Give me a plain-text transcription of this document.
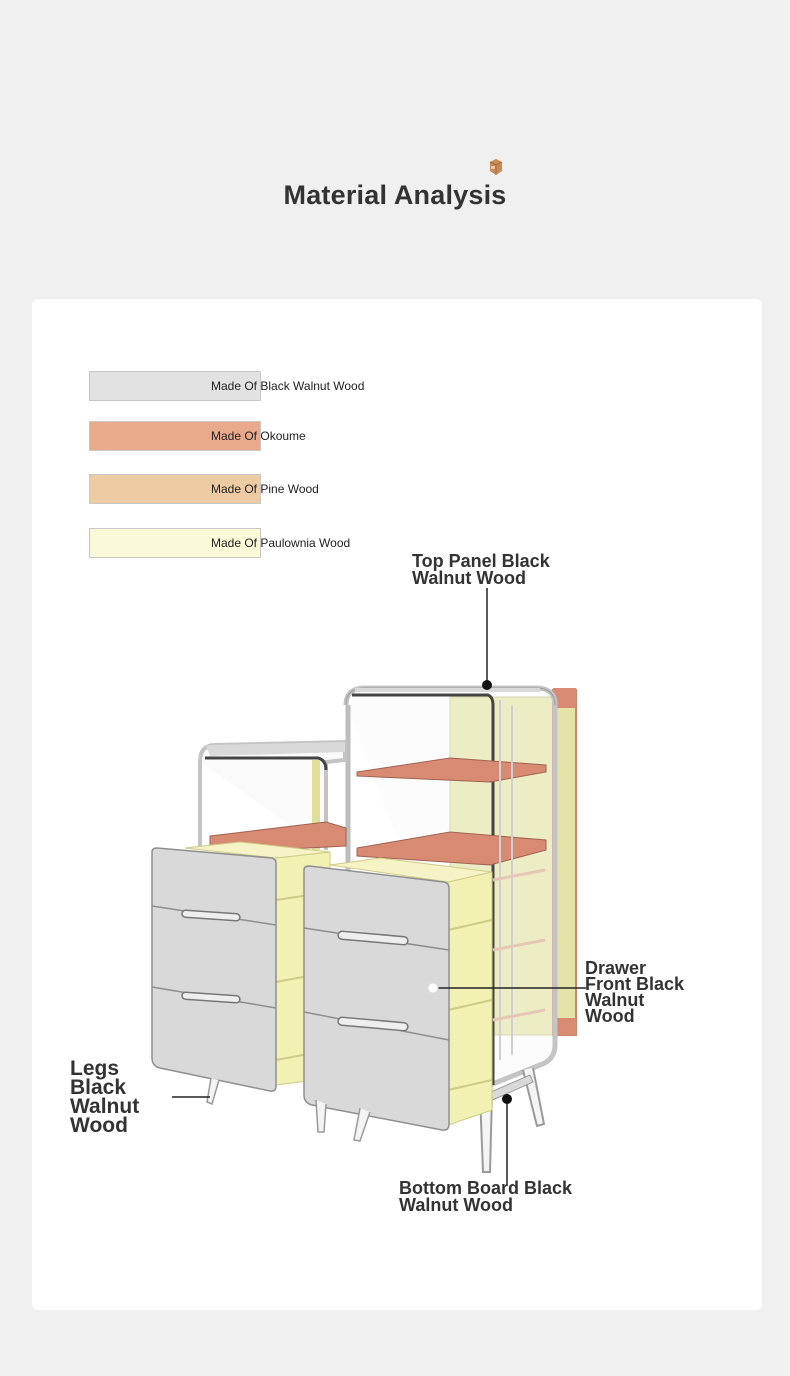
Material Analysis
Made Of Black Walnut Wood
Made Of Okoume
Made Of Pine Wood
Made Of Paulownia Wood
Top Panel Black
Walnut Wood
Drawer
Front Black
Walnut
Wood
Legs
Black
Walnut
Wood
Bottom Board Black
Walnut Wood
